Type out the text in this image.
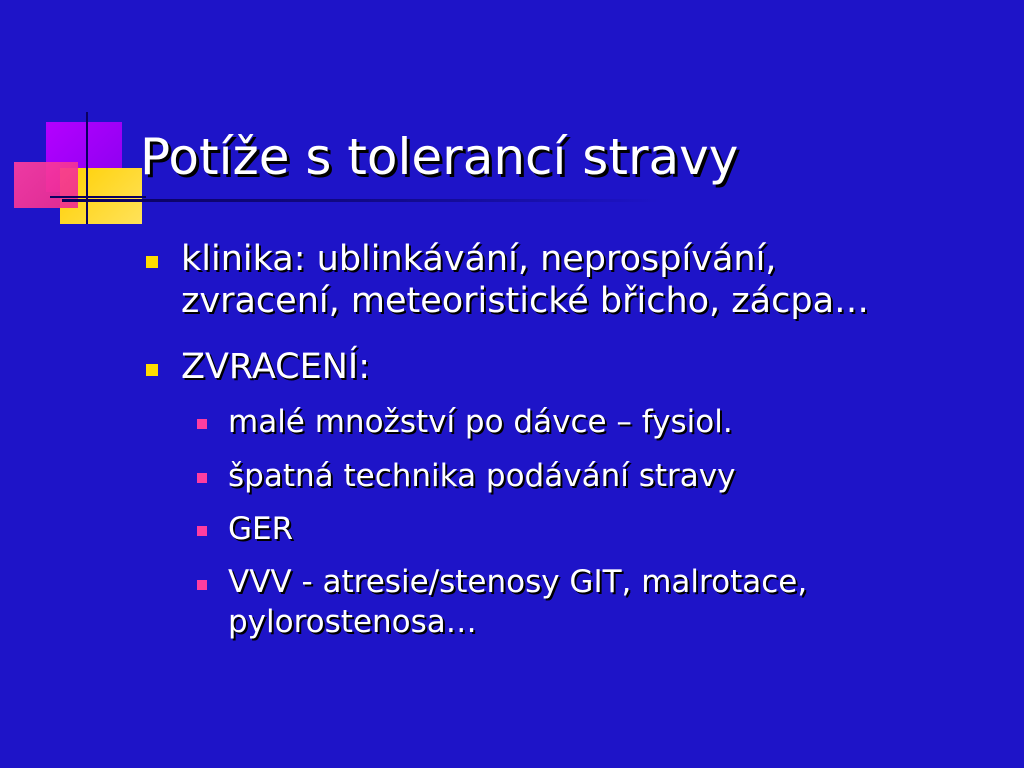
Potíže s tolerancí stravy
klinika: ublinkávání, neprospívání,
zvracení, meteoristické břicho, zácpa…
ZVRACENÍ:
malé množství po dávce – fysiol.
špatná technika podávání stravy
GER
VVV - atresie/stenosy GIT, malrotace,
pylorostenosa…
